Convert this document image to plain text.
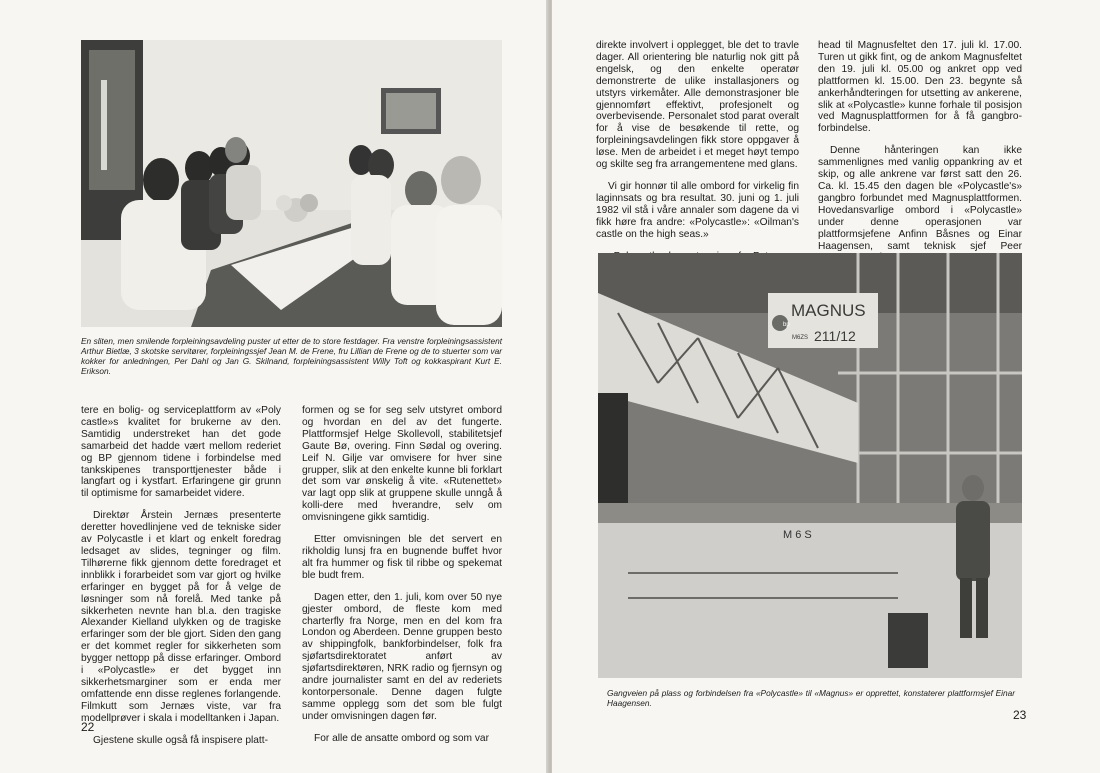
En sliten, men smilende forpleiningsavdeling puster ut etter de to store festdager. Fra venstre forpleiningsassistent Arthur Bietlæ, 3 skotske servitører, forpleiningssjef Jean M. de Frene, fru Lillian de Frene og de to stuerter som var kokker for anledningen, Per Dahl og Jan G. Skilnand, forpleiningsassistent Willy Toft og kokkaspirant Kurt E. Erikson.

tere en bolig- og serviceplattform av «Poly castle»s kvalitet for brukerne av den. Samtidig understreket han det gode samarbeid det hadde vært mellom rederiet og BP gjennom tidene i forbindelse med tankskipenes transporttjenester både i langfart og i kystfart. Erfaringene gir grunn til optimisme for samarbeidet videre.

Direktør Årstein Jernæs presenterte deretter hovedlinjene ved de tekniske sider av Polycastle i et klart og enkelt foredrag ledsaget av slides, tegninger og film. Tilhørerne fikk gjennom dette foredraget et innblikk i forarbeidet som var gjort og hvilke erfaringer en bygget på for å velge de løsninger som nå forelå. Med tanke på sikkerheten nevnte han bl.a. den tragiske Alexander Kielland ulykken og de tragiske erfaringer som der ble gjort. Siden den gang er det kommet regler for sikkerheten som bygger nettopp på disse erfaringer. Ombord i «Polycastle» er det bygget inn sikkerhetsmarginer som er enda mer omfattende enn disse reglenes forlangende. Filmkutt som Jernæs viste, var fra modellprøver i skala i modelltanken i Japan.

Gjestene skulle også få inspisere platt-

formen og se for seg selv utstyret ombord og hvordan en del av det fungerte. Plattformsjef Helge Skollevoll, stabilitetsjef Gaute Bø, overing. Finn Sødal og overing. Leif N. Gilje var omvisere for hver sine grupper, slik at den enkelte kunne bli forklart det som var ønskelig å vite. «Rutenettet» var lagt opp slik at gruppene skulle unngå å kolli-dere med hverandre, selv om omvisningene gikk samtidig.

Etter omvisningen ble det servert en rikholdig lunsj fra en bugnende buffet hvor alt fra hummer og fisk til ribbe og spekemat ble budt frem.

Dagen etter, den 1. juli, kom over 50 nye gjester ombord, de fleste kom med charterfly fra Norge, men en del kom fra London og Aberdeen. Denne gruppen besto av shippingfolk, bankforbindelser, folk fra sjøfartsdirektoratet anført av sjøfartsdirektøren, NRK radio og fjernsyn og andre journalister samt en del av rederiets kontorpersonale. Denne dagen fulgte samme opplegg som det som ble fulgt under omvisningen dagen før.

For alle de ansatte ombord og som var

22

direkte involvert i opplegget, ble det to travle dager. All orientering ble naturlig nok gitt på engelsk, og den enkelte operatør demonstrerte de ulike installasjoners og utstyrs virkemåter. Alle demonstrasjoner ble gjennomført effektivt, profesjonelt og overbevisende. Personalet stod parat overalt for å vise de besøkende til rette, og forpleiningsavdelingen fikk store oppgaver å løse. Men de arbeidet i et meget høyt tempo og skilte seg fra arrangementene med glans.

Vi gir honnør til alle ombord for virkelig fin laginnsats og bra resultat. 30. juni og 1. juli 1982 vil stå i våre annaler som dagene da vi fikk høre fra andre: «Polycastle»: «Oilman's castle on the high seas.»

head til Magnusfeltet den 17. juli kl. 17.00. Turen ut gikk fint, og de ankom Magnusfeltet den 19. juli kl. 05.00 og ankret opp ved plattformen kl. 15.00. Den 23. begynte så ankerhåndteringen for utsetting av ankerene, slik at «Polycastle» kunne forhale til posisjon ved Magnusplattformen for å få gangbro-forbindelse.

Denne hånteringen kan ikke sammenlignes med vanlig oppankring av et skip, og alle ankrene var først satt den 26. Ca. kl. 15.45 den dagen ble «Polycastle's» gangbro forbundet med Magnusplattformen. Hovedansvarlige ombord i «Polycastle» under denne operasjonen var plattformsjefene Anfinn Båsnes og Einar Haagensen, samt teknisk sjef Peer

M 6 S
bp
MAGNUS
M6ZS 211/12
Gangveien på plass og forbindelsen fra «Polycastle» til «Magnus» er opprettet, konstaterer plattformsjef Einar Haagensen.
23
